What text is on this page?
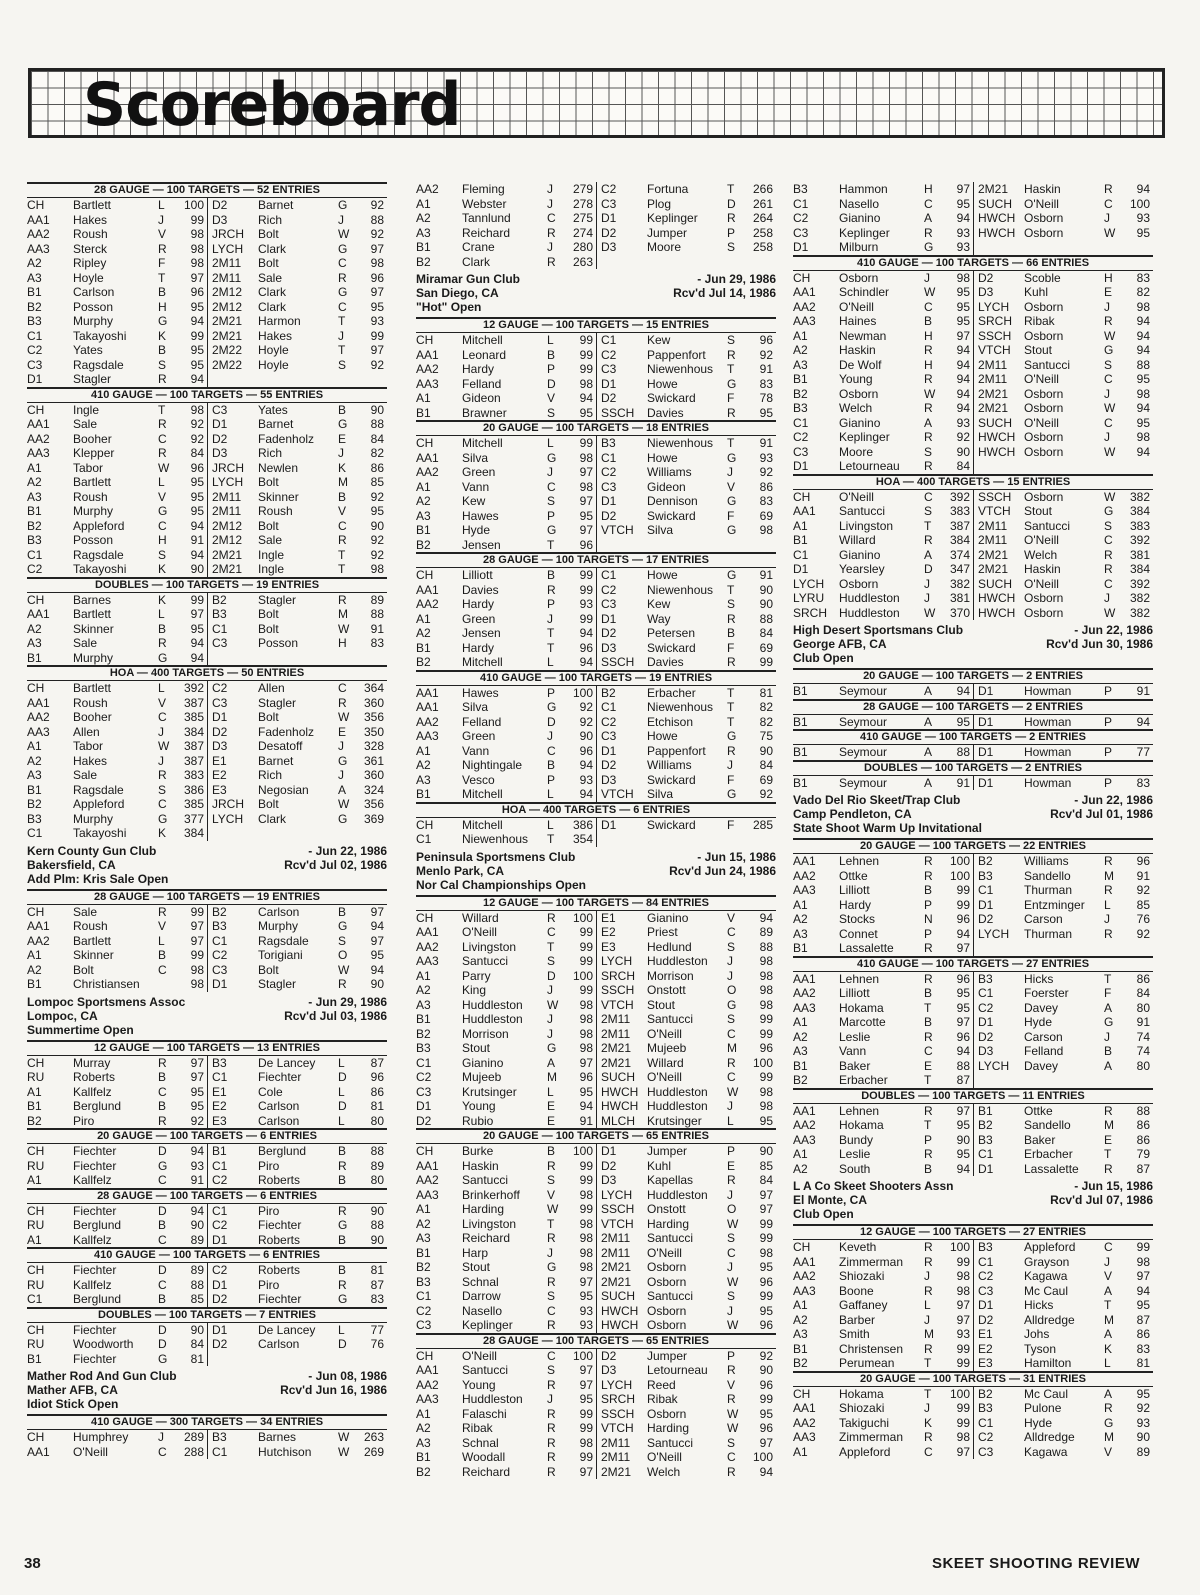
Scoreboard
28 GAUGE — 100 TARGETS — 52 ENTRIES
CH	Bartlett	L	100 D2	Barnet	G	92
AA1	Hakes	J	99 D3	Rich	J	88
AA2	Roush	V	98 JRCH	Bolt	W	92
AA3	Sterck	R	98 LYCH	Clark	G	97
A2	Ripley	F	98 2M11	Bolt	C	98
A3	Hoyle	T	97 2M11	Sale	R	96
B1	Carlson	B	96 2M12	Clark	G	97
B2	Posson	H	95 2M12	Clark	C	95
B3	Murphy	G	94 2M21	Harmon	T	93
C1	Takayoshi	K	99 2M21	Hakes	J	99
C2	Yates	B	95 2M22	Hoyle	T	97
C3	Ragsdale	S	95 2M22	Hoyle	S	92
D1	Stagler	R	94
410 GAUGE — 100 TARGETS — 55 ENTRIES
CH	Ingle	T	98 C3	Yates	B	90
AA1	Sale	R	92 D1	Barnet	G	88
AA2	Booher	C	92 D2	Fadenholz	E	84
AA3	Klepper	R	84 D3	Rich	J	82
A1	Tabor	W	96 JRCH	Newlen	K	86
A2	Bartlett	L	95 LYCH	Bolt	M	85
A3	Roush	V	95 2M11	Skinner	B	92
B1	Murphy	G	95 2M11	Roush	V	95
B2	Appleford	C	94 2M12	Bolt	C	90
B3	Posson	H	91 2M12	Sale	R	92
C1	Ragsdale	S	94 2M21	Ingle	T	92
C2	Takayoshi	K	90 2M21	Ingle	T	98
DOUBLES — 100 TARGETS — 19 ENTRIES
CH	Barnes	K	99 B2	Stagler	R	89
AA1	Bartlett	L	97 B3	Bolt	M	88
A2	Skinner	B	95 C1	Bolt	W	91
A3	Sale	R	94 C3	Posson	H	83
B1	Murphy	G	94
HOA — 400 TARGETS — 50 ENTRIES
CH	Bartlett	L	392 C2	Allen	C	364
AA1	Roush	V	387 C3	Stagler	R	360
AA2	Booher	C	385 D1	Bolt	W	356
AA3	Allen	J	384 D2	Fadenholz	E	350
A1	Tabor	W	387 D3	Desatoff	J	328
A2	Hakes	J	387 E1	Barnet	G	361
A3	Sale	R	383 E2	Rich	J	360
B1	Ragsdale	S	386 E3	Negosian	A	324
B2	Appleford	C	385 JRCH	Bolt	W	356
B3	Murphy	G	377 LYCH	Clark	G	369
C1	Takayoshi	K	384
Kern County Gun Club	- Jun 22, 1986
Bakersfield, CA	Rcv'd Jul 02, 1986
Add Plm: Kris Sale Open
28 GAUGE — 100 TARGETS — 19 ENTRIES
CH	Sale	R	99 B2	Carlson	B	97
AA1	Roush	V	97 B3	Murphy	G	94
AA2	Bartlett	L	97 C1	Ragsdale	S	97
A1	Skinner	B	99 C2	Torigiani	O	95
A2	Bolt	C	98 C3	Bolt	W	94
B1	Christiansen	98 D1	Stagler	R	90
Lompoc Sportsmens Assoc	- Jun 29, 1986
Lompoc, CA	Rcv'd Jul 03, 1986
Summertime Open
12 GAUGE — 100 TARGETS — 13 ENTRIES
CH	Murray	R	97 B3	De Lancey	L	87
RU	Roberts	B	97 C1	Fiechter	D	96
A1	Kallfelz	C	95 E1	Cole	L	86
B1	Berglund	B	95 E2	Carlson	D	81
B2	Piro	R	92 E3	Carlson	L	80
20 GAUGE — 100 TARGETS — 6 ENTRIES
CH	Fiechter	D	94 B1	Berglund	B	88
RU	Fiechter	G	93 C1	Piro	R	89
A1	Kallfelz	C	91 C2	Roberts	B	80
28 GAUGE — 100 TARGETS — 6 ENTRIES
CH	Fiechter	D	94 C1	Piro	R	90
RU	Berglund	B	90 C2	Fiechter	G	88
A1	Kallfelz	C	89 D1	Roberts	B	90
410 GAUGE — 100 TARGETS — 6 ENTRIES
CH	Fiechter	D	89 C2	Roberts	B	81
RU	Kallfelz	C	88 D1	Piro	R	87
C1	Berglund	B	85 D2	Fiechter	G	83
DOUBLES — 100 TARGETS — 7 ENTRIES
CH	Fiechter	D	90 D1	De Lancey	L	77
RU	Woodworth	D	84 D2	Carlson	D	76
B1	Fiechter	G	81
Mather Rod And Gun Club	- Jun 08, 1986
Mather AFB, CA	Rcv'd Jun 16, 1986
Idiot Stick Open
410 GAUGE — 300 TARGETS — 34 ENTRIES
CH	Humphrey	J	289 B3	Barnes	W	263
AA1	O'Neill	C	288 C1	Hutchison	W	269
AA2	Fleming	J	279 C2	Fortuna	T	266
A1	Webster	J	278 C3	Plog	D	261
A2	Tannlund	C	275 D1	Keplinger	R	264
A3	Reichard	R	274 D2	Jumper	P	258
B1	Crane	J	280 D3	Moore	S	258
B2	Clark	R	263
Miramar Gun Club	- Jun 29, 1986
San Diego, CA	Rcv'd Jul 14, 1986
"Hot" Open
12 GAUGE — 100 TARGETS — 15 ENTRIES
CH	Mitchell	L	99 C1	Kew	S	96
AA1	Leonard	B	99 C2	Pappenfort	R	92
AA2	Hardy	P	99 C3	Niewenhous	T	91
AA3	Felland	D	98 D1	Howe	G	83
A1	Gideon	V	94 D2	Swickard	F	78
B1	Brawner	S	95 SSCH	Davies	R	95
20 GAUGE — 100 TARGETS — 18 ENTRIES
CH	Mitchell	L	99 B3	Niewenhous	T	91
AA1	Silva	G	98 C1	Howe	G	93
AA2	Green	J	97 C2	Williams	J	92
A1	Vann	C	98 C3	Gideon	V	86
A2	Kew	S	97 D1	Dennison	G	83
A3	Hawes	P	95 D2	Swickard	F	69
B1	Hyde	G	97 VTCH	Silva	G	98
B2	Jensen	T	96
28 GAUGE — 100 TARGETS — 17 ENTRIES
CH	Lilliott	B	99 C1	Howe	G	91
AA1	Davies	R	99 C2	Niewenhous	T	90
AA2	Hardy	P	93 C3	Kew	S	90
A1	Green	J	99 D1	Way	R	88
A2	Jensen	T	94 D2	Petersen	B	84
B1	Hardy	T	96 D3	Swickard	F	69
B2	Mitchell	L	94 SSCH	Davies	R	99
410 GAUGE — 100 TARGETS — 19 ENTRIES
AA1	Hawes	P	100 B2	Erbacher	T	81
AA1	Silva	G	92 C1	Niewenhous	T	82
AA2	Felland	D	92 C2	Etchison	T	82
AA3	Green	J	90 C3	Howe	G	75
A1	Vann	C	96 D1	Pappenfort	R	90
A2	Nightingale	B	94 D2	Williams	J	84
A3	Vesco	P	93 D3	Swickard	F	69
B1	Mitchell	L	94 VTCH	Silva	G	92
HOA — 400 TARGETS — 6 ENTRIES
CH	Mitchell	L	386 D1	Swickard	F	285
C1	Niewenhous	T	354
Peninsula Sportsmens Club	- Jun 15, 1986
Menlo Park, CA	Rcv'd Jun 24, 1986
Nor Cal Championships Open
12 GAUGE — 100 TARGETS — 84 ENTRIES
CH	Willard	R	100 E1	Gianino	V	94
AA1	O'Neill	C	99 E2	Priest	C	89
AA2	Livingston	T	99 E3	Hedlund	S	88
AA3	Santucci	S	99 LYCH	Huddleston	J	98
A1	Parry	D	100 SRCH Morrison	J	98
A2	King	J	99 SSCH	Onstott	O	98
A3	Huddleston	W	98 VTCH	Stout	G	98
B1	Huddleston	J	98 2M11	Santucci	S	99
B2	Morrison	J	98 2M11	O'Neill	C	99
B3	Stout	G	98 2M21	Mujeeb	M	96
C1	Gianino	A	97 2M21	Willard	R	100
C2	Mujeeb	M	96 SUCH O'Neill	C	99
C3	Krutsinger	L	95 HWCH Huddleston	W	98
D1	Young	E	94 HWCH Huddleston	J	98
D2	Rubio	E	91 MLCH Krutsinger	L	95
20 GAUGE — 100 TARGETS — 65 ENTRIES
CH	Burke	B	100 D1	Jumper	P	90
AA1	Haskin	R	99 D2	Kuhl	E	85
AA2	Santucci	S	99 D3	Kapellas	R	84
AA3	Brinkerhoff	V	98 LYCH	Huddleston	J	97
A1	Harding	W	99 SSCH	Onstott	O	97
A2	Livingston	T	98 VTCH	Harding	W	99
A3	Reichard	R	98 2M11	Santucci	S	99
B1	Harp	J	98 2M11	O'Neill	C	98
B2	Stout	G	98 2M21	Osborn	J	95
B3	Schnal	R	97 2M21	Osborn	W	96
C1	Darrow	S	95 SUCH Santucci	S	99
C2	Nasello	C	93 HWCH Osborn	J	95
C3	Keplinger	R	93 HWCH Osborn	W	96
28 GAUGE — 100 TARGETS — 65 ENTRIES
CH	O'Neill	C	100 D2	Jumper	P	92
AA1	Santucci	S	97 D3	Letourneau	R	90
AA2	Young	R	97 LYCH	Reed	V	96
AA3	Huddleston	J	95 SRCH Ribak	R	99
A1	Falaschi	R	99 SSCH	Osborn	W	95
A2	Ribak	R	99 VTCH	Harding	W	96
A3	Schnal	R	98 2M11	Santucci	S	97
B1	Woodall	R	99 2M11	O'Neill	C	100
B2	Reichard	R	97 2M21	Welch	R	94
B3	Hammon	H	97 2M21	Haskin	R	94
C1	Nasello	C	95 SUCH O'Neill	C	100
C2	Gianino	A	94 HWCH Osborn	J	93
C3	Keplinger	R	93 HWCH Osborn	W	95
D1	Milburn	G	93
410 GAUGE — 100 TARGETS — 66 ENTRIES
CH	Osborn	J	98 D2	Scoble	H	83
AA1	Schindler	W	95 D3	Kuhl	E	82
AA2	O'Neill	C	95 LYCH	Osborn	J	98
AA3	Haines	B	95 SRCH Ribak	R	94
A1	Newman	H	97 SSCH	Osborn	W	94
A2	Haskin	R	94 VTCH	Stout	G	94
A3	De Wolf	H	94 2M11	Santucci	S	88
B1	Young	R	94 2M11	O'Neill	C	95
B2	Osborn	W	94 2M21	Osborn	J	98
B3	Welch	R	94 2M21	Osborn	W	94
C1	Gianino	A	93 SUCH O'Neill	C	95
C2	Keplinger	R	92 HWCH Osborn	J	98
C3	Moore	S	90 HWCH Osborn	W	94
D1	Letourneau	R	84
HOA — 400 TARGETS — 15 ENTRIES
CH	O'Neill	C	392 SSCH	Osborn	W	382
AA1	Santucci	S	383 VTCH	Stout	G	384
A1	Livingston	T	387 2M11	Santucci	S	383
B1	Willard	R	384 2M11	O'Neill	C	392
C1	Gianino	A	374 2M21	Welch	R	381
D1	Yearsley	D	347 2M21	Haskin	R	384
LYCH	Osborn	J	382 SUCH O'Neill	C	392
LYRU	Huddleston	J	381 HWCH Osborn	J	382
SRCH Huddleston	W	370 HWCH Osborn	W	382
High Desert Sportsmans Club	- Jun 22, 1986
George AFB, CA	Rcv'd Jun 30, 1986
Club Open
20 GAUGE — 100 TARGETS — 2 ENTRIES
B1	Seymour	A	94 D1	Howman	P	91
28 GAUGE — 100 TARGETS — 2 ENTRIES
B1	Seymour	A	95 D1	Howman	P	94
410 GAUGE — 100 TARGETS — 2 ENTRIES
B1	Seymour	A	88 D1	Howman	P	77
DOUBLES — 100 TARGETS — 2 ENTRIES
B1	Seymour	A	91 D1	Howman	P	83
Vado Del Rio Skeet/Trap Club	- Jun 22, 1986
Camp Pendleton, CA	Rcv'd Jul 01, 1986
State Shoot Warm Up Invitational
20 GAUGE — 100 TARGETS — 22 ENTRIES
AA1	Lehnen	R	100 B2	Williams	R	96
AA2	Ottke	R	100 B3	Sandello	M	91
AA3	Lilliott	B	99 C1	Thurman	R	92
A1	Hardy	P	99 D1	Entzminger	L	85
A2	Stocks	N	96 D2	Carson	J	76
A3	Connet	P	94 LYCH	Thurman	R	92
B1	Lassalette	R	97
410 GAUGE — 100 TARGETS — 27 ENTRIES
AA1	Lehnen	R	96 B3	Hicks	T	86
AA2	Lilliott	B	95 C1	Foerster	F	84
AA3	Hokama	T	95 C2	Davey	A	80
A1	Marcotte	B	97 D1	Hyde	G	91
A2	Leslie	R	96 D2	Carson	J	74
A3	Vann	C	94 D3	Felland	B	74
B1	Baker	E	88 LYCH	Davey	A	80
B2	Erbacher	T	87
DOUBLES — 100 TARGETS — 11 ENTRIES
AA1	Lehnen	R	97 B1	Ottke	R	88
AA2	Hokama	T	95 B2	Sandello	M	86
AA3	Bundy	P	90 B3	Baker	E	86
A1	Leslie	R	95 C1	Erbacher	T	79
A2	South	B	94 D1	Lassalette	R	87
L A Co Skeet Shooters Assn	- Jun 15, 1986
El Monte, CA	Rcv'd Jul 07, 1986
Club Open
12 GAUGE — 100 TARGETS — 27 ENTRIES
CH	Keveth	R	100 B3	Appleford	C	99
AA1	Zimmerman	R	99 C1	Grayson	J	98
AA2	Shiozaki	J	98 C2	Kagawa	V	97
AA3	Boone	R	98 C3	Mc Caul	A	94
A1	Gaffaney	L	97 D1	Hicks	T	95
A2	Barber	J	97 D2	Alldredge	M	87
A3	Smith	M	93 E1	Johs	A	86
B1	Christensen	R	99 E2	Tyson	K	83
B2	Perumean	T	99 E3	Hamilton	L	81
20 GAUGE — 100 TARGETS — 31 ENTRIES
CH	Hokama	T	100 B2	Mc Caul	A	95
AA1	Shiozaki	J	99 B3	Pulone	R	92
AA2	Takiguchi	K	99 C1	Hyde	G	93
AA3	Zimmerman	R	98 C2	Alldredge	M	90
A1	Appleford	C	97 C3	Kagawa	V	89
38	SKEET SHOOTING REVIEW
